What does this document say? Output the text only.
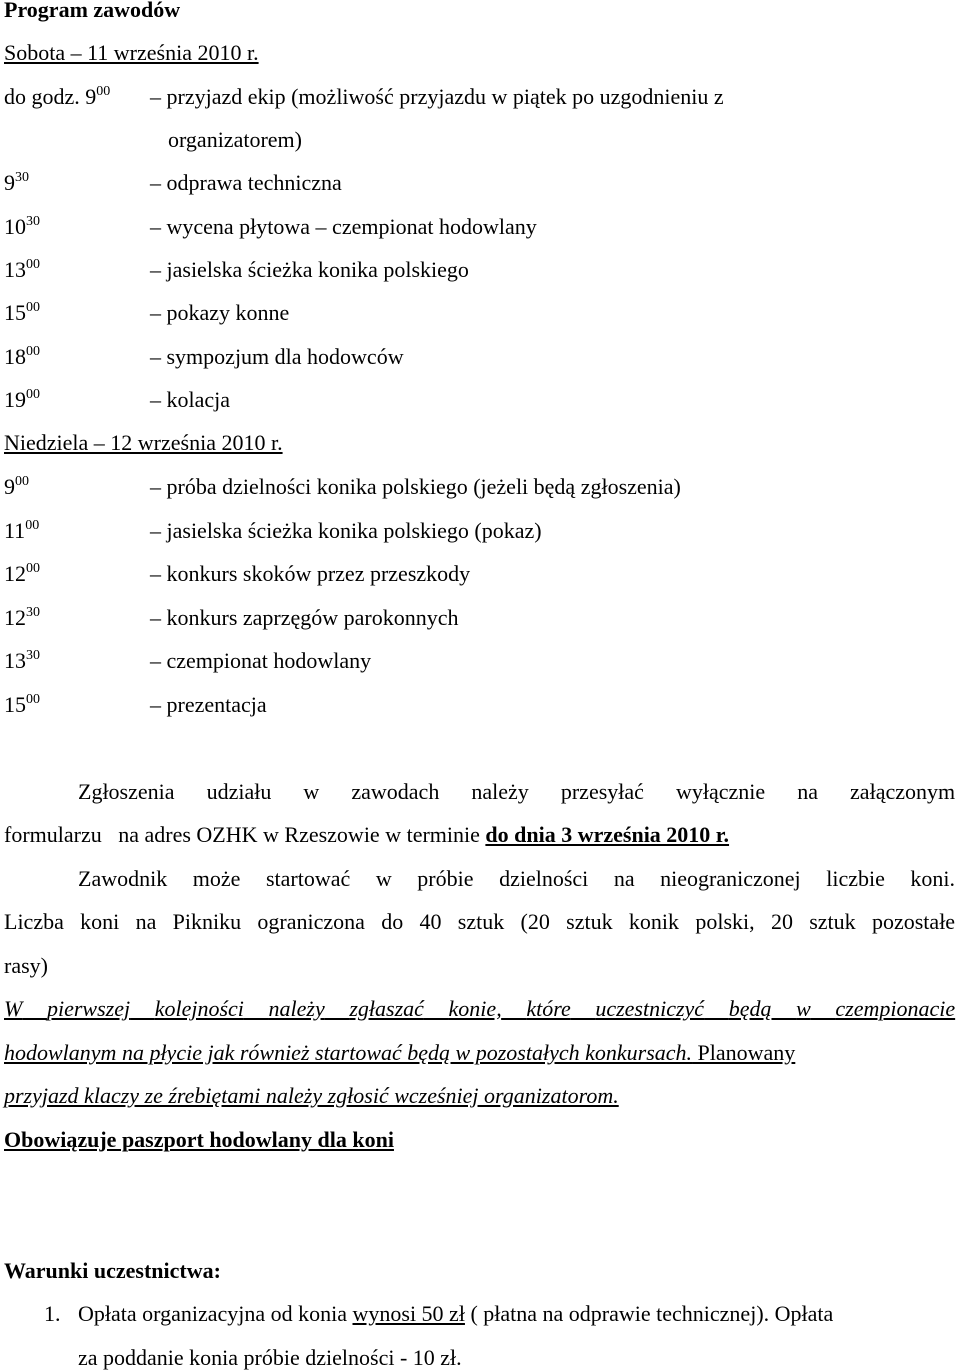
Program zawodów
Sobota – 11 września 2010 r.
do godz. $9^{00}$ – przyjazd ekip (możliwość przyjazdu w piątek po uzgodnieniu z
organizatorem)
$9^{30}$	– odprawa techniczna
$10^{30}$	– wycena płytowa – czempionat hodowlany
$13^{00}$	– jasielska ścieżka konika polskiego
$15^{00}$	– pokazy konne
$18^{00}$	– sympozjum dla hodowców
$19^{00}$	– kolacja
Niedziela – 12 września 2010 r.
$9^{00}$	– próba dzielności konika polskiego (jeżeli będą zgłoszenia)
$11^{00}$	– jasielska ścieżka konika polskiego (pokaz)
$12^{00}$	– konkurs skoków przez przeszkody
$12^{30}$	– konkurs zaprzęgów parokonnych
$13^{30}$	– czempionat hodowlany
$15^{00}$	– prezentacja
Zgłoszenia udziału w zawodach należy przesyłać wyłącznie na załączonym
formularzu   na adres OZHK w Rzeszowie w terminie do dnia 3 września 2010 r.
Zawodnik może startować w próbie dzielności na nieograniczonej liczbie koni.
Liczba koni na Pikniku ograniczona do 40 sztuk (20 sztuk konik polski, 20 sztuk pozostałe
rasy)
W pierwszej kolejności należy zgłaszać konie, które uczestniczyć będą w czempionacie
hodowlanym na płycie jak również startować będą w pozostałych konkursach. Planowany
przyjazd klaczy ze źrebiętami należy zgłosić wcześniej organizatorom.
Obowiązuje paszport hodowlany dla koni
Warunki uczestnictwa:
1. Opłata organizacyjna od konia wynosi 50 zł ( płatna na odprawie technicznej). Opłata
za poddanie konia próbie dzielności - 10 zł.
